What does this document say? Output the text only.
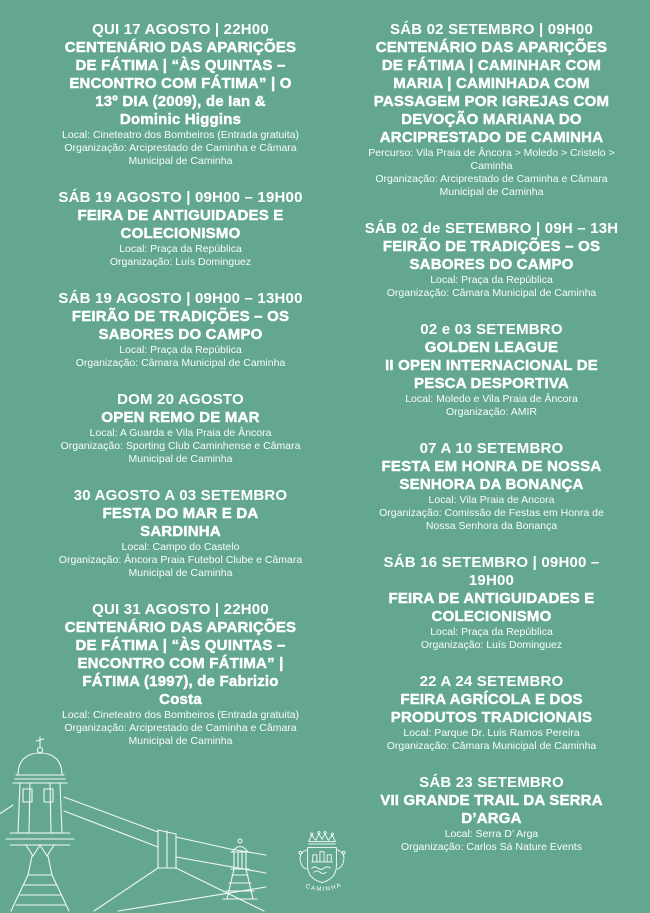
QUI 17 AGOSTO | 22H00
CENTENÁRIO DAS APARIÇÕES
DE FÁTIMA | “ÀS QUINTAS –
ENCONTRO COM FÁTIMA” | O
13º DIA (2009), de Ian &
Dominic Higgins
Local: Cineteatro dos Bombeiros (Entrada gratuita)
Organização: Arciprestado de Caminha e Câmara
Municipal de Caminha
SÁB 19 AGOSTO | 09H00 – 19H00
FEIRA DE ANTIGUIDADES E
COLECIONISMO
Local: Praça da República
Organização: Luís Dominguez
SÁB 19 AGOSTO | 09H00 – 13H00
FEIRÃO DE TRADIÇÕES – OS
SABORES DO CAMPO
Local: Praça da República
Organização: Câmara Municipal de Caminha
DOM 20 AGOSTO
OPEN REMO DE MAR
Local: A Guarda e Vila Praia de Âncora
Organização: Sporting Club Caminhense e Câmara
Municipal de Caminha
30 AGOSTO A 03 SETEMBRO
FESTA DO MAR E DA
SARDINHA
Local: Campo do Castelo
Organização: Âncora Praia Futebol Clube e Câmara
Municipal de Caminha
QUI 31 AGOSTO | 22H00
CENTENÁRIO DAS APARIÇÕES
DE FÁTIMA | “ÀS QUINTAS –
ENCONTRO COM FÁTIMA” |
FÁTIMA (1997), de Fabrizio
Costa
Local: Cineteatro dos Bombeiros (Entrada gratuita)
Organização: Arciprestado de Caminha e Câmara
Municipal de Caminha
SÁB 02 SETEMBRO | 09H00
CENTENÁRIO DAS APARIÇÕES
DE FÁTIMA | CAMINHAR COM
MARIA | CAMINHADA COM
PASSAGEM POR IGREJAS COM
DEVOÇÃO MARIANA DO
ARCIPRESTADO DE CAMINHA
Percurso: Vila Praia de Âncora > Moledo > Cristelo >
Caminha
Organização: Arciprestado de Caminha e Câmara
Municipal de Caminha
SÁB 02 de SETEMBRO | 09H – 13H
FEIRÃO DE TRADIÇÕES – OS
SABORES DO CAMPO
Local: Praça da República
Organização: Câmara Municipal de Caminha
02 e 03 SETEMBRO
GOLDEN LEAGUE
II OPEN INTERNACIONAL DE
PESCA DESPORTIVA
Local: Moledo e Vila Praia de Âncora
Organização: AMIR
07 A 10 SETEMBRO
FESTA EM HONRA DE NOSSA
SENHORA DA BONANÇA
Local: Vila Praia de Ancora
Organização: Comissão de Festas em Honra de
Nossa Senhora da Bonança
SÁB 16 SETEMBRO | 09H00 –
19H00
FEIRA DE ANTIGUIDADES E
COLECIONISMO
Local: Praça da República
Organização: Luís Dominguez
22 A 24 SETEMBRO
FEIRA AGRÍCOLA E DOS
PRODUTOS TRADICIONAIS
Local: Parque Dr. Luis Ramos Pereira
Organização: Câmara Municipal de Caminha
SÁB 23 SETEMBRO
VII GRANDE TRAIL DA SERRA
D’ARGA
Local: Serra D’ Arga
Organização: Carlos Sá Nature Events
CAMINHA
